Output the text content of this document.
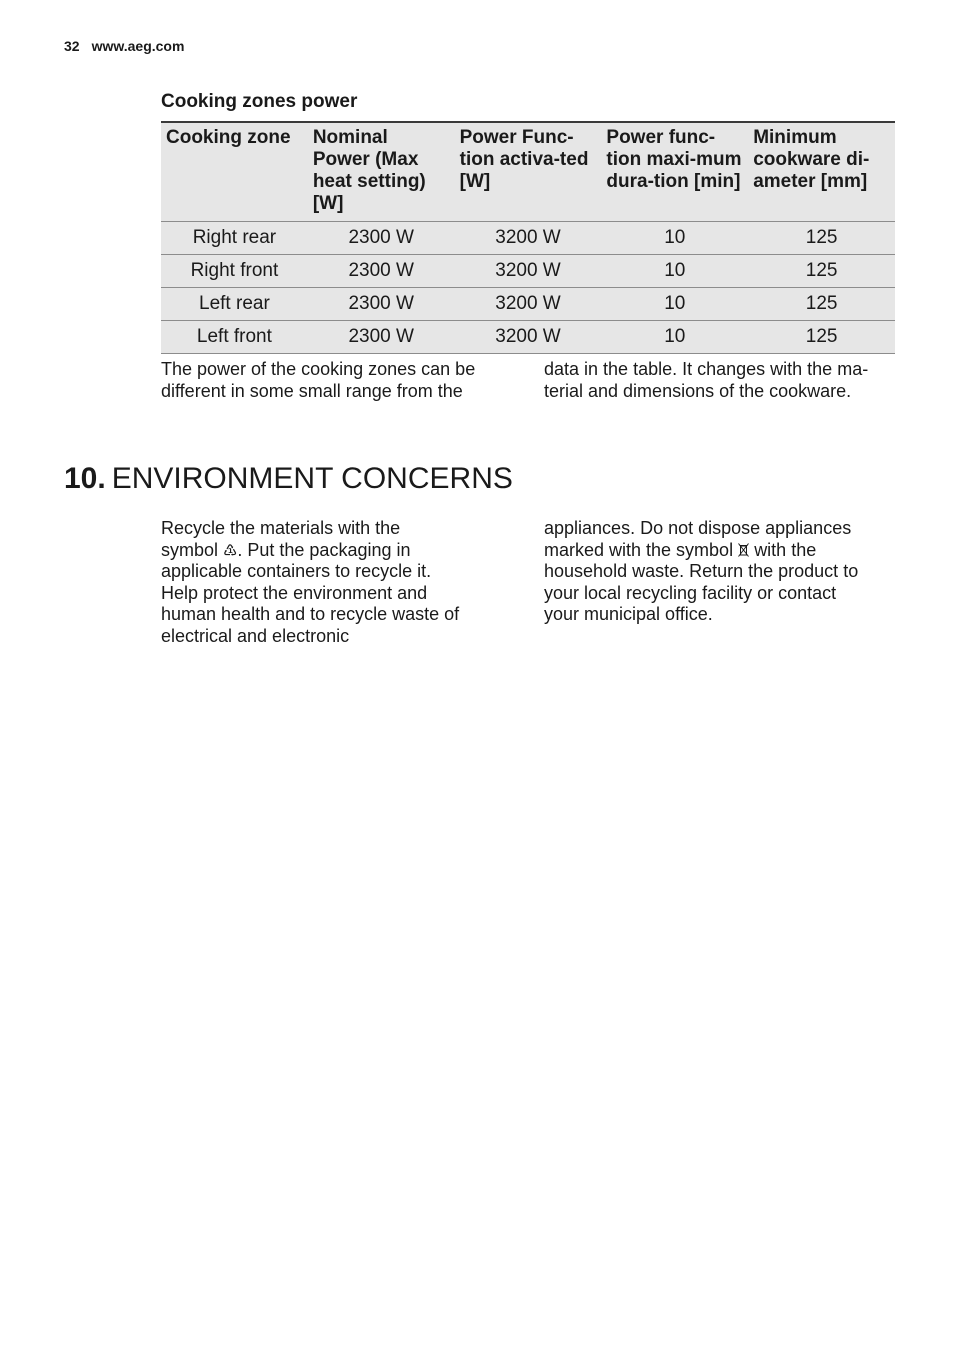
32 www.aeg.com
Cooking zones power
Cooking zone	Nominal Power (Max heat setting) [W]	Power Func-tion activa-ted [W]	Power func-tion maxi-mum dura-tion [min]	Minimum cookware di-ameter [mm]
Right rear	2300 W	3200 W	10	125
Right front	2300 W	3200 W	10	125
Left rear	2300 W	3200 W	10	125
Left front	2300 W	3200 W	10	125
The power of the cooking zones can be different in some small range from the
data in the table. It changes with the ma-terial and dimensions of the cookware.
10. ENVIRONMENT CONCERNS
Recycle the materials with the symbol ♳. Put the packaging in applicable containers to recycle it. Help protect the environment and human health and to recycle waste of electrical and electronic
appliances. Do not dispose appliances marked with the symbol with the household waste. Return the product to your local recycling facility or contact your municipal office.
